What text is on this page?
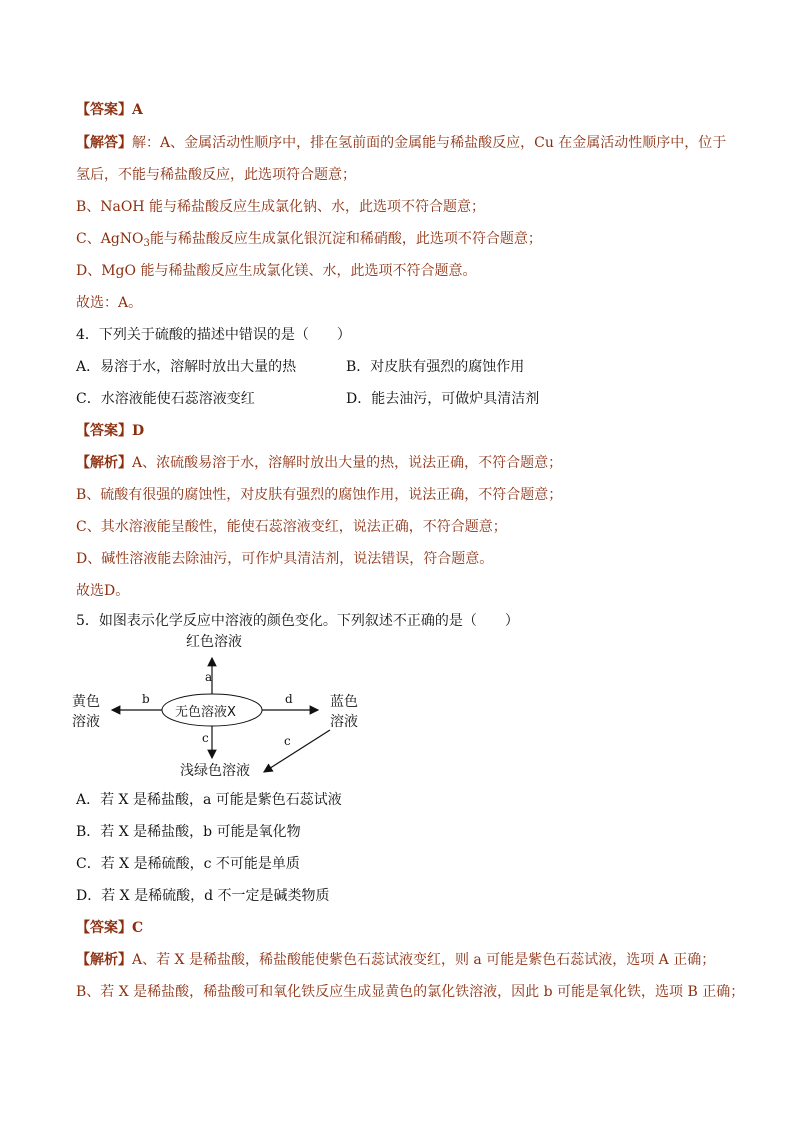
【答案】A
【解答】解：A、金属活动性顺序中，排在氢前面的金属能与稀盐酸反应，Cu 在金属活动性顺序中，位于
氢后，不能与稀盐酸反应，此选项符合题意；
B、NaOH 能与稀盐酸反应生成氯化钠、水，此选项不符合题意；
C、AgNO$_3$能与稀盐酸反应生成氯化银沉淀和稀硝酸，此选项不符合题意；
D、MgO 能与稀盐酸反应生成氯化镁、水，此选项不符合题意。
故选：A。
4．下列关于硫酸的描述中错误的是（　　）
A．易溶于水，溶解时放出大量的热	B．对皮肤有强烈的腐蚀作用
C．水溶液能使石蕊溶液变红	D．能去油污，可做炉具清洁剂
【答案】D
【解析】A、浓硫酸易溶于水，溶解时放出大量的热，说法正确，不符合题意；
B、硫酸有很强的腐蚀性，对皮肤有强烈的腐蚀作用，说法正确，不符合题意；
C、其水溶液能呈酸性，能使石蕊溶液变红，说法正确，不符合题意；
D、碱性溶液能去除油污，可作炉具清洁剂，说法错误，符合题意。
故选D。
5．如图表示化学反应中溶液的颜色变化。下列叙述不正确的是（　　）
红色溶液
黄色
溶液
蓝色
溶液
无色溶液X
浅绿色溶液
a
b	d
c	c
A．若 X 是稀盐酸，a 可能是紫色石蕊试液
B．若 X 是稀盐酸，b 可能是氧化物
C．若 X 是稀硫酸，c 不可能是单质
D．若 X 是稀硫酸，d 不一定是碱类物质
【答案】C
【解析】A、若 X 是稀盐酸，稀盐酸能使紫色石蕊试液变红，则 a 可能是紫色石蕊试液，选项 A 正确；
B、若 X 是稀盐酸，稀盐酸可和氧化铁反应生成显黄色的氯化铁溶液，因此 b 可能是氧化铁，选项 B 正确；
